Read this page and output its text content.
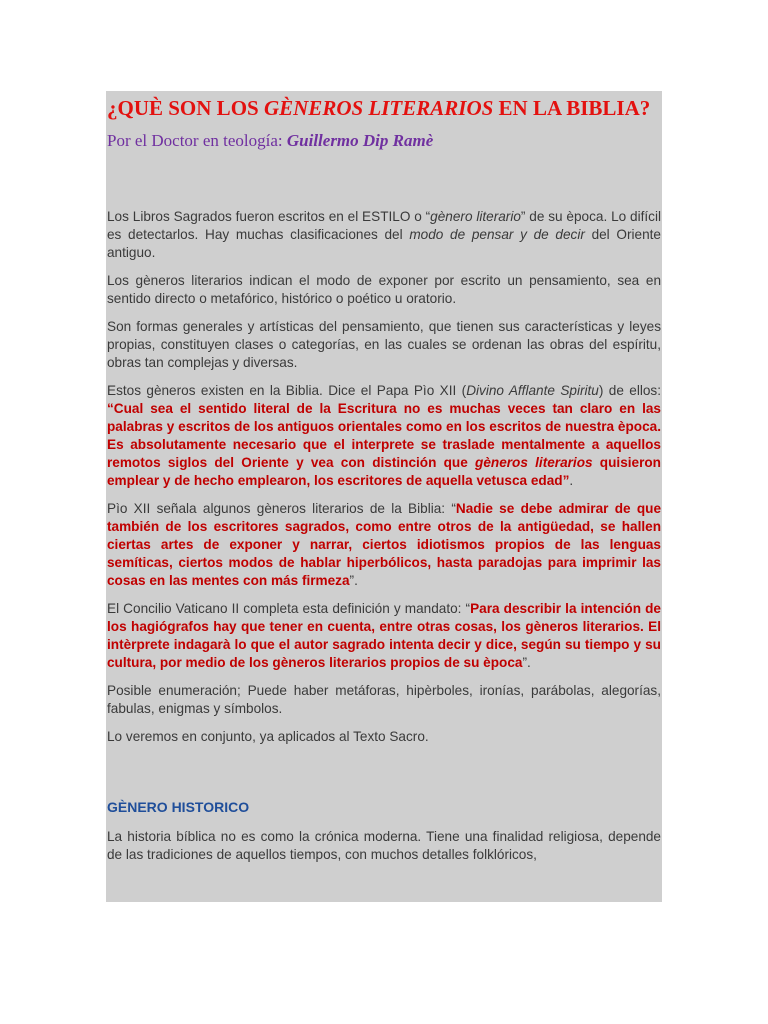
¿QUÈ SON LOS GÈNEROS LITERARIOS EN LA BIBLIA?
Por el Doctor en teología: Guillermo Dip Ramè

Los Libros Sagrados fueron escritos en el ESTILO o “gènero literario” de su època. Lo difícil es detectarlos. Hay muchas clasificaciones del modo de pensar y de decir del Oriente antiguo.

Los gèneros literarios indican el modo de exponer por escrito un pensamiento, sea en sentido directo o metafórico, histórico o poético u oratorio.

Son formas generales y artísticas del pensamiento, que tienen sus características y leyes propias, constituyen clases o categorías, en las cuales se ordenan las obras del espíritu, obras tan complejas y diversas.

Estos gèneros existen en la Biblia. Dice el Papa Pìo XII (Divino Afflante Spiritu) de ellos: “Cual sea el sentido literal de la Escritura no es muchas veces tan claro en las palabras y escritos de los antiguos orientales como en los escritos de nuestra època. Es absolutamente necesario que el interprete se traslade mentalmente a aquellos remotos siglos del Oriente y vea con distinción que gèneros literarios quisieron emplear y de hecho emplearon, los escritores de aquella vetusca edad”.

Pìo XII señala algunos gèneros literarios de la Biblia: “Nadie se debe admirar de que también de los escritores sagrados, como entre otros de la antigüedad, se hallen ciertas artes de exponer y narrar, ciertos idiotismos propios de las lenguas semíticas, ciertos modos de hablar hiperbólicos, hasta paradojas para imprimir las cosas en las mentes con más firmeza”.

El Concilio Vaticano II completa esta definición y mandato: “Para describir la intención de los hagiógrafos hay que tener en cuenta, entre otras cosas, los gèneros literarios. El intèrprete indagarà lo que el autor sagrado intenta decir y dice, según su tiempo y su cultura, por medio de los gèneros literarios propios de su època”.

Posible enumeración; Puede haber metáforas, hipèrboles, ironías, parábolas, alegorías, fabulas, enigmas y símbolos.

Lo veremos en conjunto, ya aplicados al Texto Sacro.

GÈNERO HISTORICO

La historia bíblica no es como la crónica moderna. Tiene una finalidad religiosa, depende de las tradiciones de aquellos tiempos, con muchos detalles folklóricos,
